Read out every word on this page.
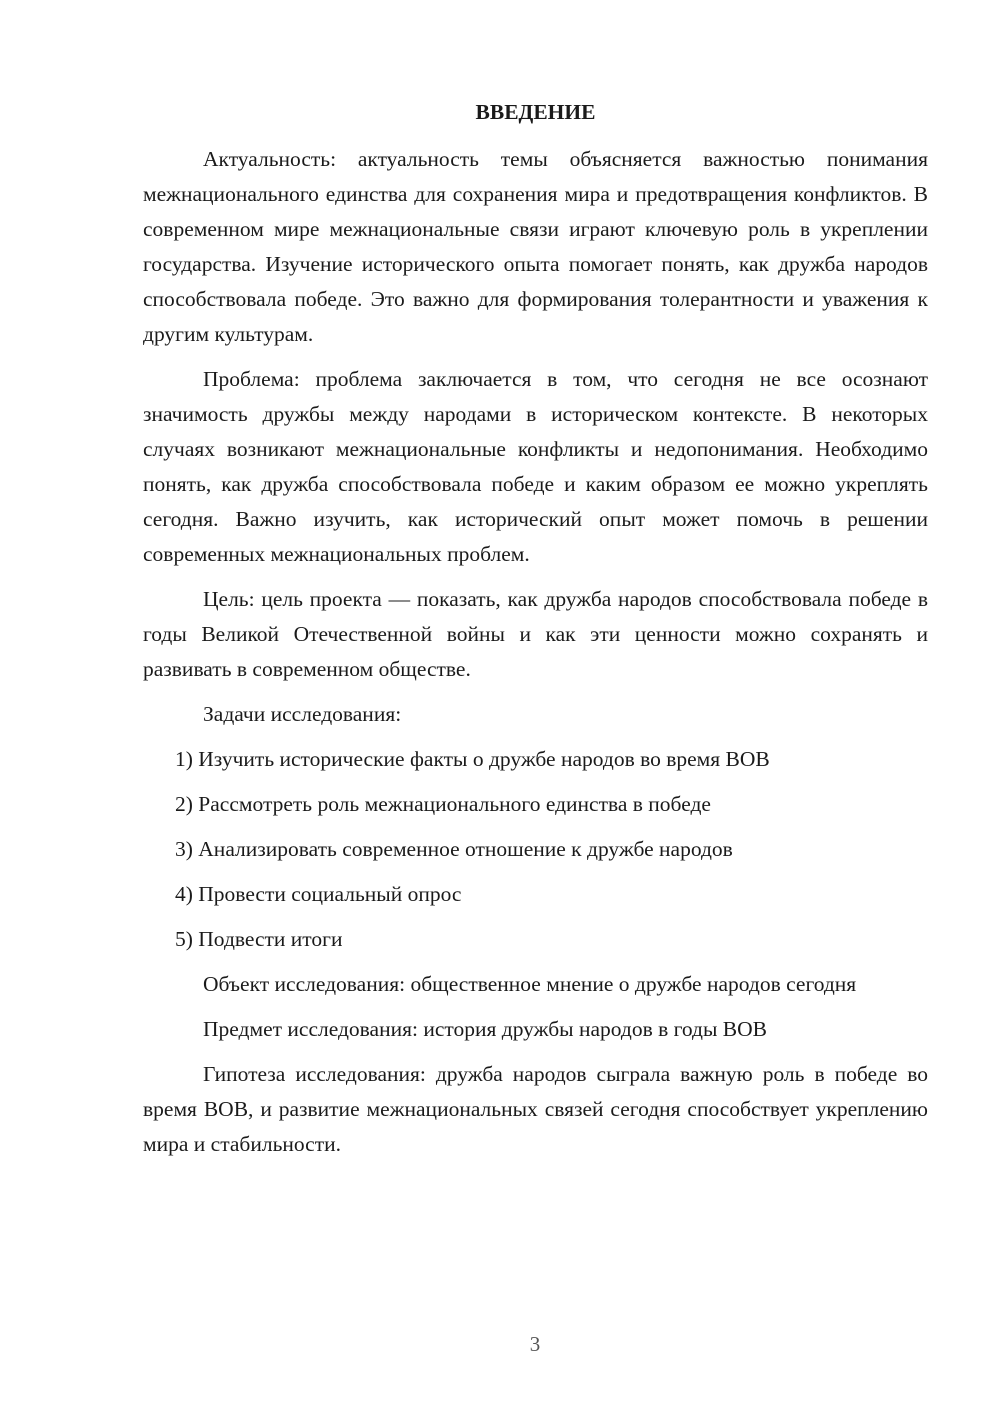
ВВЕДЕНИЕ

Актуальность: актуальность темы объясняется важностью понимания межнационального единства для сохранения мира и предотвращения конфликтов. В современном мире межнациональные связи играют ключевую роль в укреплении государства. Изучение исторического опыта помогает понять, как дружба народов способствовала победе. Это важно для формирования толерантности и уважения к другим культурам.

Проблема: проблема заключается в том, что сегодня не все осознают значимость дружбы между народами в историческом контексте. В некоторых случаях возникают межнациональные конфликты и недопонимания. Необходимо понять, как дружба способствовала победе и каким образом ее можно укреплять сегодня. Важно изучить, как исторический опыт может помочь в решении современных межнациональных проблем.

Цель: цель проекта — показать, как дружба народов способствовала победе в годы Великой Отечественной войны и как эти ценности можно сохранять и развивать в современном обществе.

Задачи исследования:

1) Изучить исторические факты о дружбе народов во время ВОВ
2) Рассмотреть роль межнационального единства в победе
3) Анализировать современное отношение к дружбе народов
4) Провести социальный опрос
5) Подвести итоги

Объект исследования: общественное мнение о дружбе народов сегодня

Предмет исследования: история дружбы народов в годы ВОВ

Гипотеза исследования: дружба народов сыграла важную роль в победе во время ВОВ, и развитие межнациональных связей сегодня способствует укреплению мира и стабильности.

3
